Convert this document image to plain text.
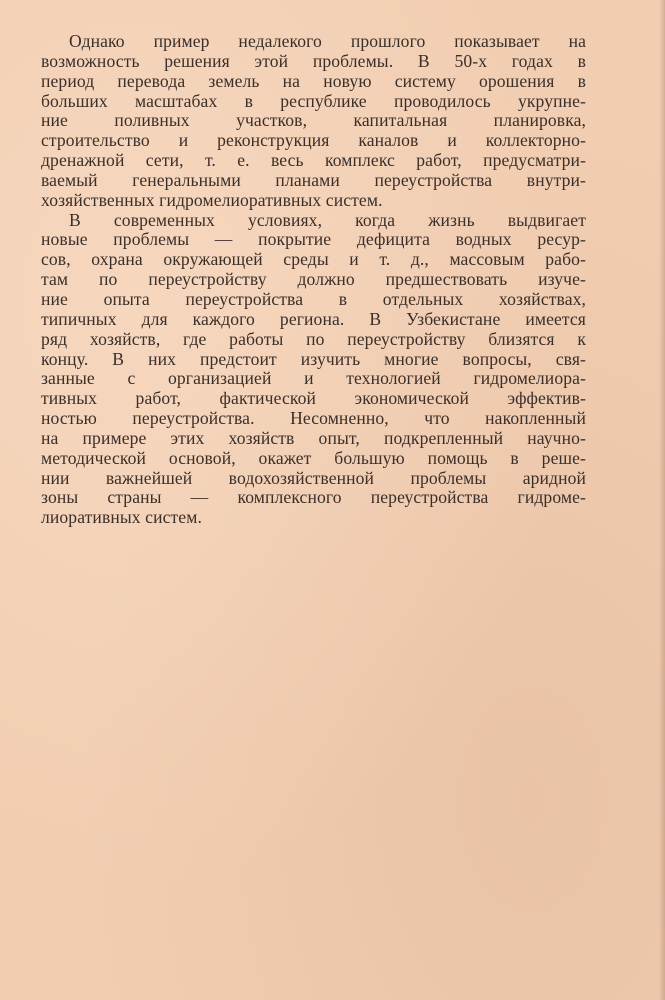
Однако пример недалекого прошлого показывает на
возможность решения этой проблемы. В 50-х годах в
период перевода земель на новую систему орошения в
больших масштабах в республике проводилось укрупне-
ние поливных участков, капитальная планировка,
строительство и реконструкция каналов и коллекторно-
дренажной сети, т. е. весь комплекс работ, предусматри-
ваемый генеральными планами переустройства внутри-
хозяйственных гидромелиоративных систем.
В современных условиях, когда жизнь выдвигает
новые проблемы — покрытие дефицита водных ресур-
сов, охрана окружающей среды и т. д., массовым рабо-
там по переустройству должно предшествовать изуче-
ние опыта переустройства в отдельных хозяйствах,
типичных для каждого региона. В Узбекистане имеется
ряд хозяйств, где работы по переустройству близятся к
концу. В них предстоит изучить многие вопросы, свя-
занные с организацией и технологией гидромелиора-
тивных работ, фактической экономической эффектив-
ностью переустройства. Несомненно, что накопленный
на примере этих хозяйств опыт, подкрепленный научно-
методической основой, окажет большую помощь в реше-
нии важнейшей водохозяйственной проблемы аридной
зоны страны — комплексного переустройства гидроме-
лиоративных систем.
